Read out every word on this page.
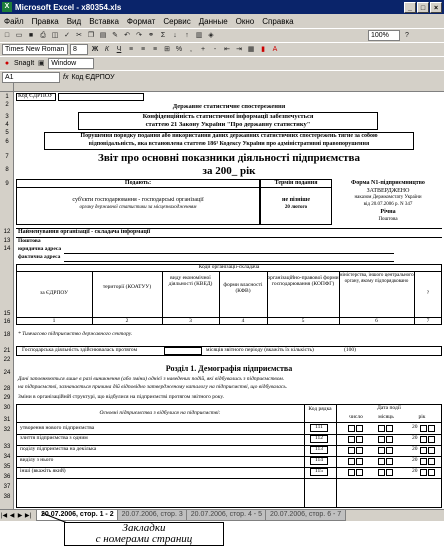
X Microsoft Excel - x80354.xls	_	□	×
Файл	Правка	Вид	Вставка	Формат	Сервис	Данные	Окно	Справка
□ ▭ ■	⎙ ◫ ✓ ✂ ❐ ▤ ✎ ↶ ↷ ⚭ Σ	↓	↑ ▥ ◈	100%	?
Times New Roman	8	Ж К	Ч	≡	≡	≡	⊞ %	,	+	-	⇤ ⇥ ▦ ▮	A
● SnagIt ▣ Window
A1	fx Код ЄДРПОУ
1
2
3
4
5
6
7
8
9
12
13
14
15
16
18
21
22
24
28
29
30
31
32
33
34
35
36
37
38
Код ЄДРПОУ
Державне статистичне спостереження
Конфіденційність статистичної інформації забезпечується
статтею 21 Закону України "Про державну статистику"
Порушення порядку подання або використання даних державних статистичних спостережень тягне за собою
відповідальність, яка встановлена статтею 186³ Кодексу України про адміністративні правопорушення
Звіт про основні показники діяльності підприємства
за 200_ рік
Подають:	Термін подання
суб'єкти господарювання - господарські організації
органу державної статистики за місцезнаходженням
не пізніше
20 лютого
Форма N1-підприємництво
ЗАТВЕРДЖЕНО
наказом Держкомстату України
від 20.07.2006 р. N 347
Річна
Поштова
Найменування організації - складача інформації
Поштова
юридична адреса
фактична адреса
Коди організації-складача
за ЄДРПОУ
території (КОАТУУ)
виду економічної діяльності (КВЕД)	форми власності (КФВ)
організаційно-правової форми господарювання (КОПФГ)
міністерства, іншого центрального органу, якому підпорядковано
?
1	2	3	4	5	6	7
* Тимчасово підприємство державного сектору.
Господарська діяльність здійснювалась протягом	місяців звітного періоду (вкажіть їх кількість)	(100)
Розділ 1. Демографія підприємства
Дані заповнюються лише в разі виникнення (або зміни) однієї з наведених подій, які відбувались з підприємством.
на підприємстві, зазначається причина дій відповідно затвердженому каталогу на підприємстві, що відбувалась.
Зміни в організаційній структурі, що відбулися на підприємстві протягом звітного року.
Основні підприємства з відбулися на підприємстві:
Код рядка	Дата події
число	місяць	рік
утворення нового підприємства	111	20
злиття підприємства з одним	112	20
поділу підприємства на декілька	113	20
виділу з нього	114	20
інші (вкажіть який)	115	20
|◀ ◀ ▶ ▶|	20.07.2006, стор. 1 - 2	20.07.2006, стор. 3	20.07.2006, стор. 4 - 5	20.07.2006, стор. 6 - 7
Закладки
с номерами страниц
